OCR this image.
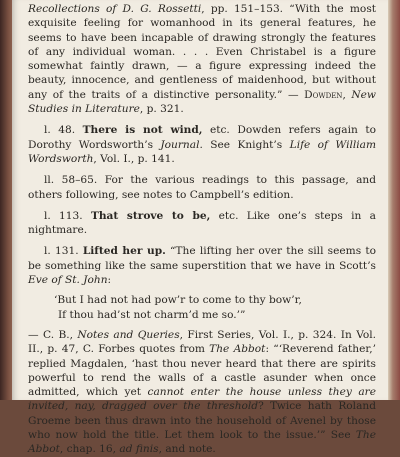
Recollections of D. G. Rossetti, pp. 151–153. “With the most exquisite feeling for womanhood in its general features, he seems to have been incapable of drawing strongly the features of any individual woman. . . . Even Christabel is a figure somewhat faintly drawn, — a figure expressing indeed the beauty, innocence, and gentleness of maidenhood, but without any of the traits of a distinctive personality.” — Dowden, New Studies in Literature, p. 321.

l. 48. There is not wind, etc. Dowden refers again to Dorothy Wordsworth’s Journal. See Knight’s Life of William Wordsworth, Vol. I., p. 141.

ll. 58–65. For the various readings to this passage, and others following, see notes to Campbell’s edition.

l. 113. That strove to be, etc. Like one’s steps in a nightmare.

l. 131. Lifted her up. “The lifting her over the sill seems to be something like the same superstition that we have in Scott’s Eve of St. John:

‘But I had not had pow’r to come to thy bow’r,
If thou had’st not charm’d me so.’”

— C. B., Notes and Queries, First Series, Vol. I., p. 324. In Vol. II., p. 47, C. Forbes quotes from The Abbot: “‘Reverend father,’ replied Magdalen, ‘hast thou never heard that there are spirits powerful to rend the walls of a castle asunder when once admitted, which yet cannot enter the house unless they are invited, nay, dragged over the threshold? Twice hath Roland Groeme been thus drawn into the household of Avenel by those who now hold the title. Let them look to the issue.’” See The Abbot, chap. 16, ad finis, and note.
